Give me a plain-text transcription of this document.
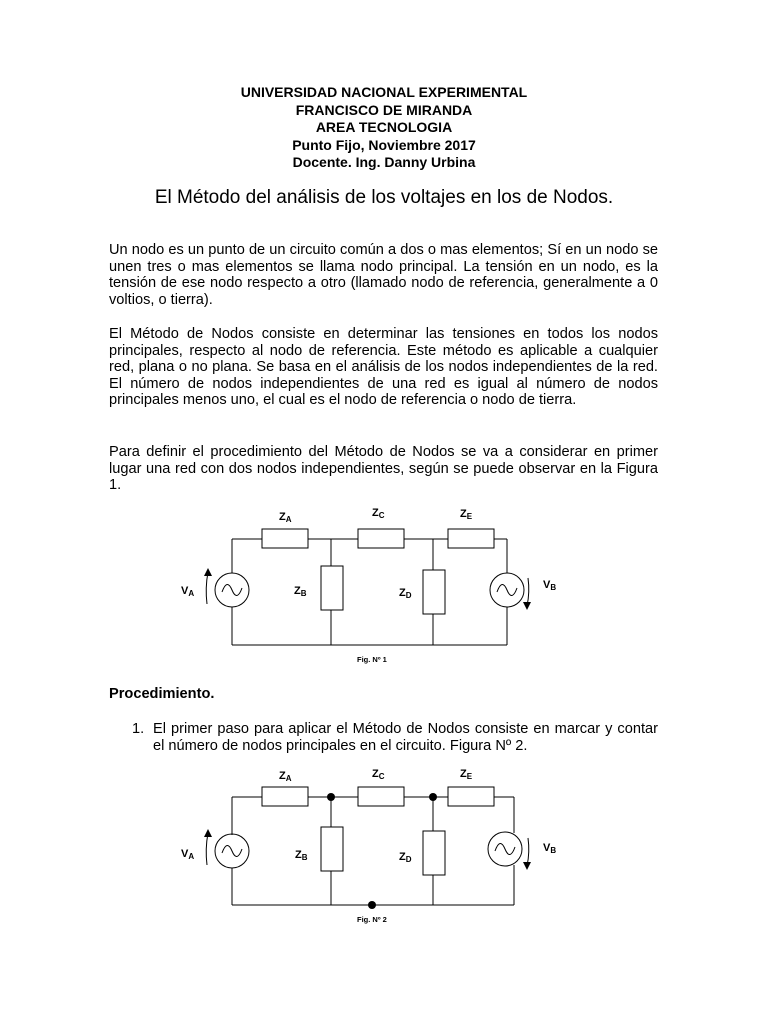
UNIVERSIDAD NACIONAL EXPERIMENTAL
FRANCISCO DE MIRANDA
AREA TECNOLOGIA
Punto Fijo, Noviembre 2017
Docente. Ing. Danny Urbina
El Método del análisis de los voltajes en los de Nodos.
Un nodo es un punto de un circuito común a dos o mas elementos; Sí en un nodo se unen tres o mas elementos se llama nodo principal. La tensión en un nodo, es la tensión de ese nodo respecto a otro (llamado nodo de referencia, generalmente a 0 voltios, o tierra).
El Método de Nodos consiste en determinar las tensiones en todos los nodos principales, respecto al nodo de referencia. Este método es aplicable a cualquier red, plana o no plana. Se basa en el análisis de los nodos independientes de la red. El número de nodos independientes de una red es igual al número de nodos principales menos uno, el cual es el nodo de referencia o nodo de tierra.
Para definir el procedimiento del Método de Nodos se va a considerar en primer lugar una red con dos nodos independientes, según se puede observar en la Figura 1.
ZA
ZC	ZE
ZB	ZD
VA
VB
Fig. Nº 1
Procedimiento.
1. El primer paso para aplicar el Método de Nodos consiste en marcar y contar el número de nodos principales en el circuito. Figura Nº 2.
ZA	ZC	ZE
ZB	ZD
VA
VB
Fig. Nº 2
